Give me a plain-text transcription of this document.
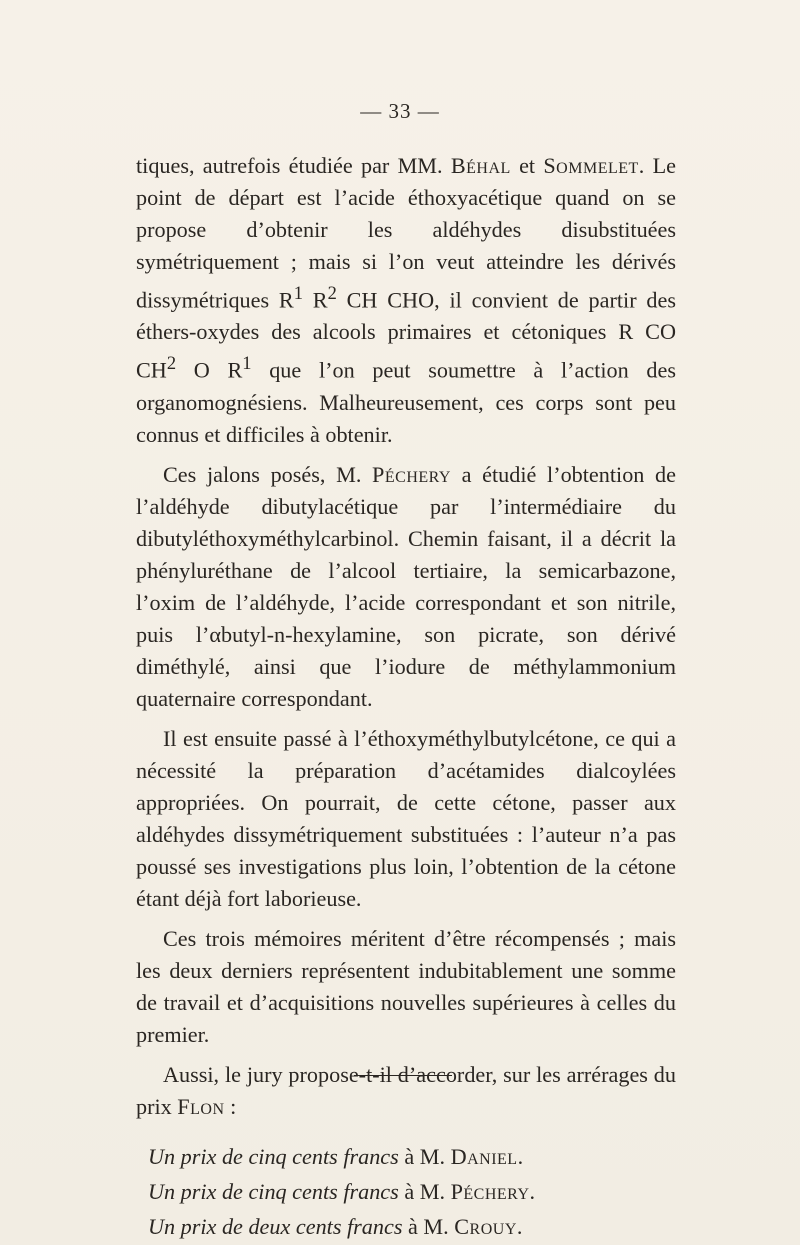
— 33 —

tiques, autrefois étudiée par MM. Béhal et Sommelet. Le point de départ est l’acide éthoxyacétique quand on se propose d’obtenir les aldéhydes disubstituées symétriquement ; mais si l’on veut atteindre les dérivés dissymétriques $R^1$ $R^2$ CH CHO, il convient de partir des éthers-oxydes des alcools primaires et cétoniques R CO $CH^2$ O $R^1$ que l’on peut soumettre à l’action des organomognésiens. Malheureusement, ces corps sont peu connus et difficiles à obtenir.

Ces jalons posés, M. Péchery a étudié l’obtention de l’aldéhyde dibutylacétique par l’intermédiaire du dibutyléthoxyméthylcarbinol. Chemin faisant, il a décrit la phényluréthane de l’alcool tertiaire, la semicarbazone, l’oxim de l’aldéhyde, l’acide correspondant et son nitrile, puis l’αbutyl-n-hexylamine, son picrate, son dérivé diméthylé, ainsi que l’iodure de méthylammonium quaternaire correspondant.

Il est ensuite passé à l’éthoxyméthylbutylcétone, ce qui a nécessité la préparation d’acétamides dialcoylées appropriées. On pourrait, de cette cétone, passer aux aldéhydes dissymétriquement substituées : l’auteur n’a pas poussé ses investigations plus loin, l’obtention de la cétone étant déjà fort laborieuse.

Ces trois mémoires méritent d’être récompensés ; mais les deux derniers représentent indubitablement une somme de travail et d’acquisitions nouvelles supérieures à celles du premier.

Aussi, le jury propose-t-il d’accorder, sur les arrérages du prix Flon :

Un prix de cinq cents francs à M. Daniel.

Un prix de cinq cents francs à M. Péchery.

Un prix de deux cents francs à M. Crouy.
